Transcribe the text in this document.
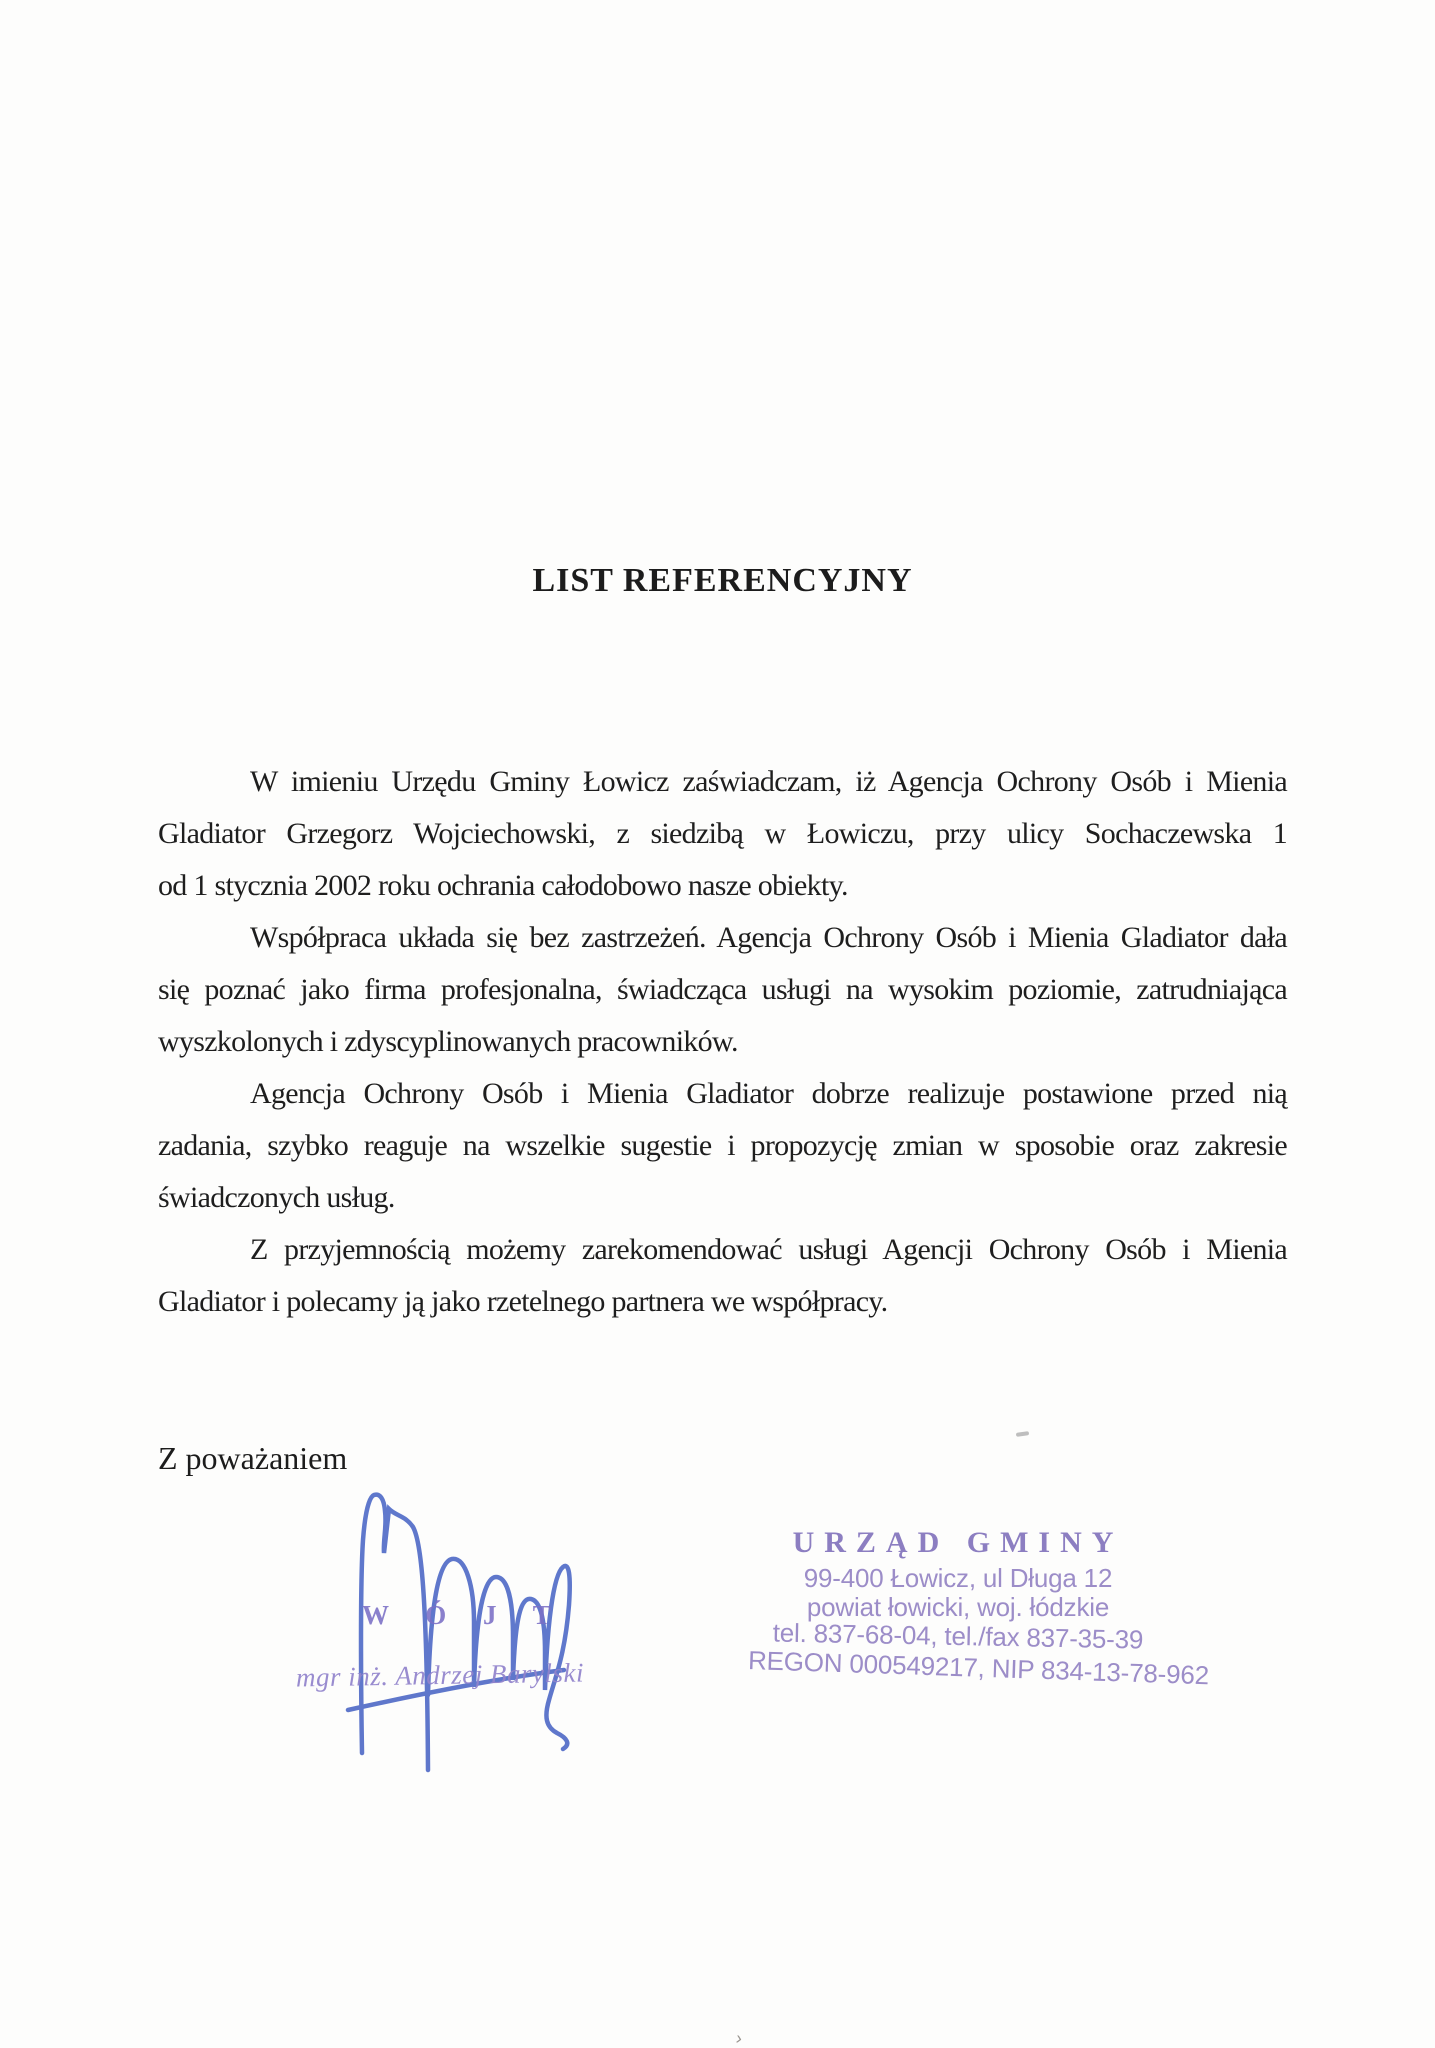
LIST REFERENCYJNY
W imieniu Urzędu Gminy Łowicz zaświadczam, iż Agencja Ochrony Osób i Mienia
Gladiator Grzegorz Wojciechowski, z siedzibą w Łowiczu, przy ulicy Sochaczewska 1
od 1 stycznia 2002 roku ochrania całodobowo nasze obiekty.
Współpraca układa się bez zastrzeżeń. Agencja Ochrony Osób i Mienia Gladiator dała
się poznać jako firma profesjonalna, świadcząca usługi na wysokim poziomie, zatrudniająca
wyszkolonych i zdyscyplinowanych pracowników.
Agencja Ochrony Osób i Mienia Gladiator dobrze realizuje postawione przed nią
zadania, szybko reaguje na wszelkie sugestie i propozycję zmian w sposobie oraz zakresie
świadczonych usług.
Z przyjemnością możemy zarekomendować usługi Agencji Ochrony Osób i Mienia
Gladiator i polecamy ją jako rzetelnego partnera we współpracy.
Z poważaniem
W Ó J T
mgr inż. Andrzej Barylski
URZĄD GMINY
99-400 Łowicz, ul Długa 12
powiat łowicki, woj. łódzkie
tel. 837-68-04, tel./fax 837-35-39
REGON 000549217, NIP 834-13-78-962
›
